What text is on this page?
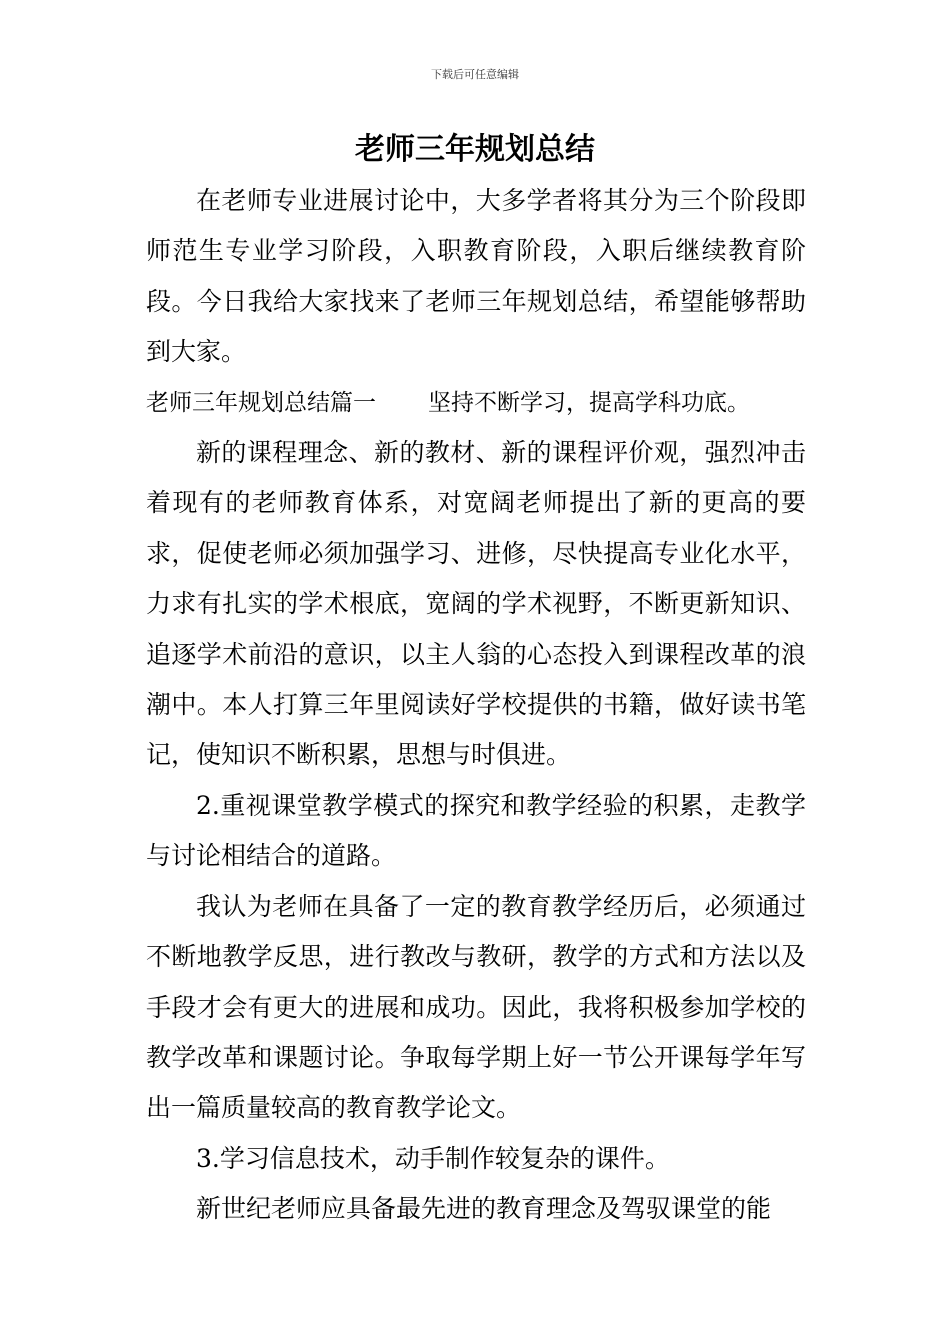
下载后可任意编辑
老师三年规划总结

在老师专业进展讨论中，大多学者将其分为三个阶段即师范生专业学习阶段，入职教育阶段，入职后继续教育阶段。今日我给大家找来了老师三年规划总结，希望能够帮助到大家。

老师三年规划总结篇一 坚持不断学习，提高学科功底。

新的课程理念、新的教材、新的课程评价观，强烈冲击着现有的老师教育体系，对宽阔老师提出了新的更高的要求，促使老师必须加强学习、进修，尽快提高专业化水平，力求有扎实的学术根底，宽阔的学术视野，不断更新知识、追逐学术前沿的意识，以主人翁的心态投入到课程改革的浪潮中。本人打算三年里阅读好学校提供的书籍，做好读书笔记，使知识不断积累，思想与时俱进。

2.重视课堂教学模式的探究和教学经验的积累，走教学与讨论相结合的道路。

我认为老师在具备了一定的教育教学经历后，必须通过不断地教学反思，进行教改与教研，教学的方式和方法以及手段才会有更大的进展和成功。因此，我将积极参加学校的教学改革和课题讨论。争取每学期上好一节公开课每学年写出一篇质量较高的教育教学论文。

3.学习信息技术，动手制作较复杂的课件。

新世纪老师应具备最先进的教育理念及驾驭课堂的能
